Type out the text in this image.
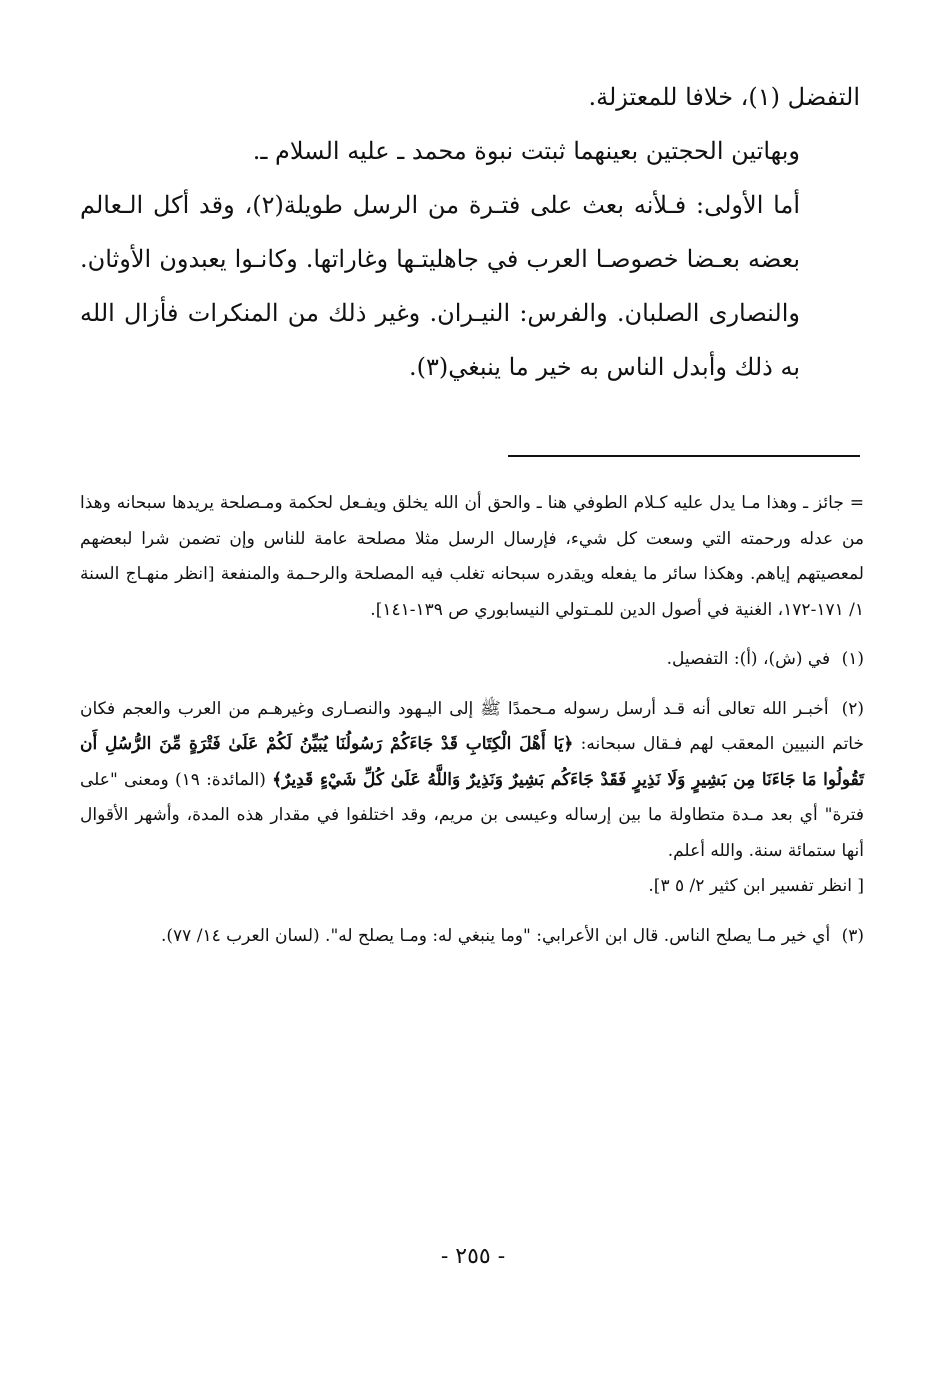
التفضل (١)، خلافا للمعتزلة.

وبهاتين الحجتين بعينهما ثبتت نبوة محمد ـ عليه السلام ـ.

أما الأولى: فـلأنه بعث على فتـرة من الرسل طويلة(٢)، وقد أكل الـعالم بعضه بعـضا خصوصـا العرب في جاهليتـها وغاراتها. وكانـوا يعبدون الأوثان. والنصارى الصلبان. والفرس: النيـران. وغير ذلك من المنكرات فأزال الله به ذلك وأبدل الناس به خير ما ينبغي(٣).

= جائز ـ وهذا مـا يدل عليه كـلام الطوفي هنا ـ والحق أن الله يخلق ويفـعل لحكمة ومـصلحة يريدها سبحانه وهذا من عدله ورحمته التي وسعت كل شيء، فإرسال الرسل مثلا مصلحة عامة للناس وإن تضمن شرا لبعضهم لمعصيتهم إياهم. وهكذا سائر ما يفعله ويقدره سبحانه تغلب فيه المصلحة والرحـمة والمنفعة [انظر منهـاج السنة ١/ ١٧١-١٧٢، الغنية في أصول الدين للمـتولي النيسابوري ص ١٣٩-١٤١].

(١) في (ش)، (أ): التفصيل.

(٢) أخبـر الله تعالى أنه قـد أرسل رسوله مـحمدًا ﷺ إلى اليـهود والنصـارى وغيرهـم من العرب والعجم فكان خاتم النبيين المعقب لهم فـقال سبحانه: ﴿يَا أَهْلَ الْكِتَابِ قَدْ جَاءَكُمْ رَسُولُنَا يُبَيِّنُ لَكُمْ عَلَىٰ فَتْرَةٍ مِّنَ الرُّسُلِ أَن تَقُولُوا مَا جَاءَنَا مِن بَشِيرٍ وَلَا نَذِيرٍ فَقَدْ جَاءَكُم بَشِيرٌ وَنَذِيرٌ وَاللَّهُ عَلَىٰ كُلِّ شَيْءٍ قَدِيرٌ﴾ (المائدة: ١٩) ومعنى "على فترة" أي بعد مـدة متطاولة ما بين إرساله وعيسى بن مريم، وقد اختلفوا في مقدار هذه المدة، وأشهر الأقوال أنها ستمائة سنة. والله أعلم.
[ انظر تفسير ابن كثير ٢/ ٥ ٣].

(٣) أي خير مـا يصلح الناس. قال ابن الأعرابي: "وما ينبغي له: ومـا يصلح له". (لسان العرب ١٤/ ٧٧).

- ٢٥٥ -
